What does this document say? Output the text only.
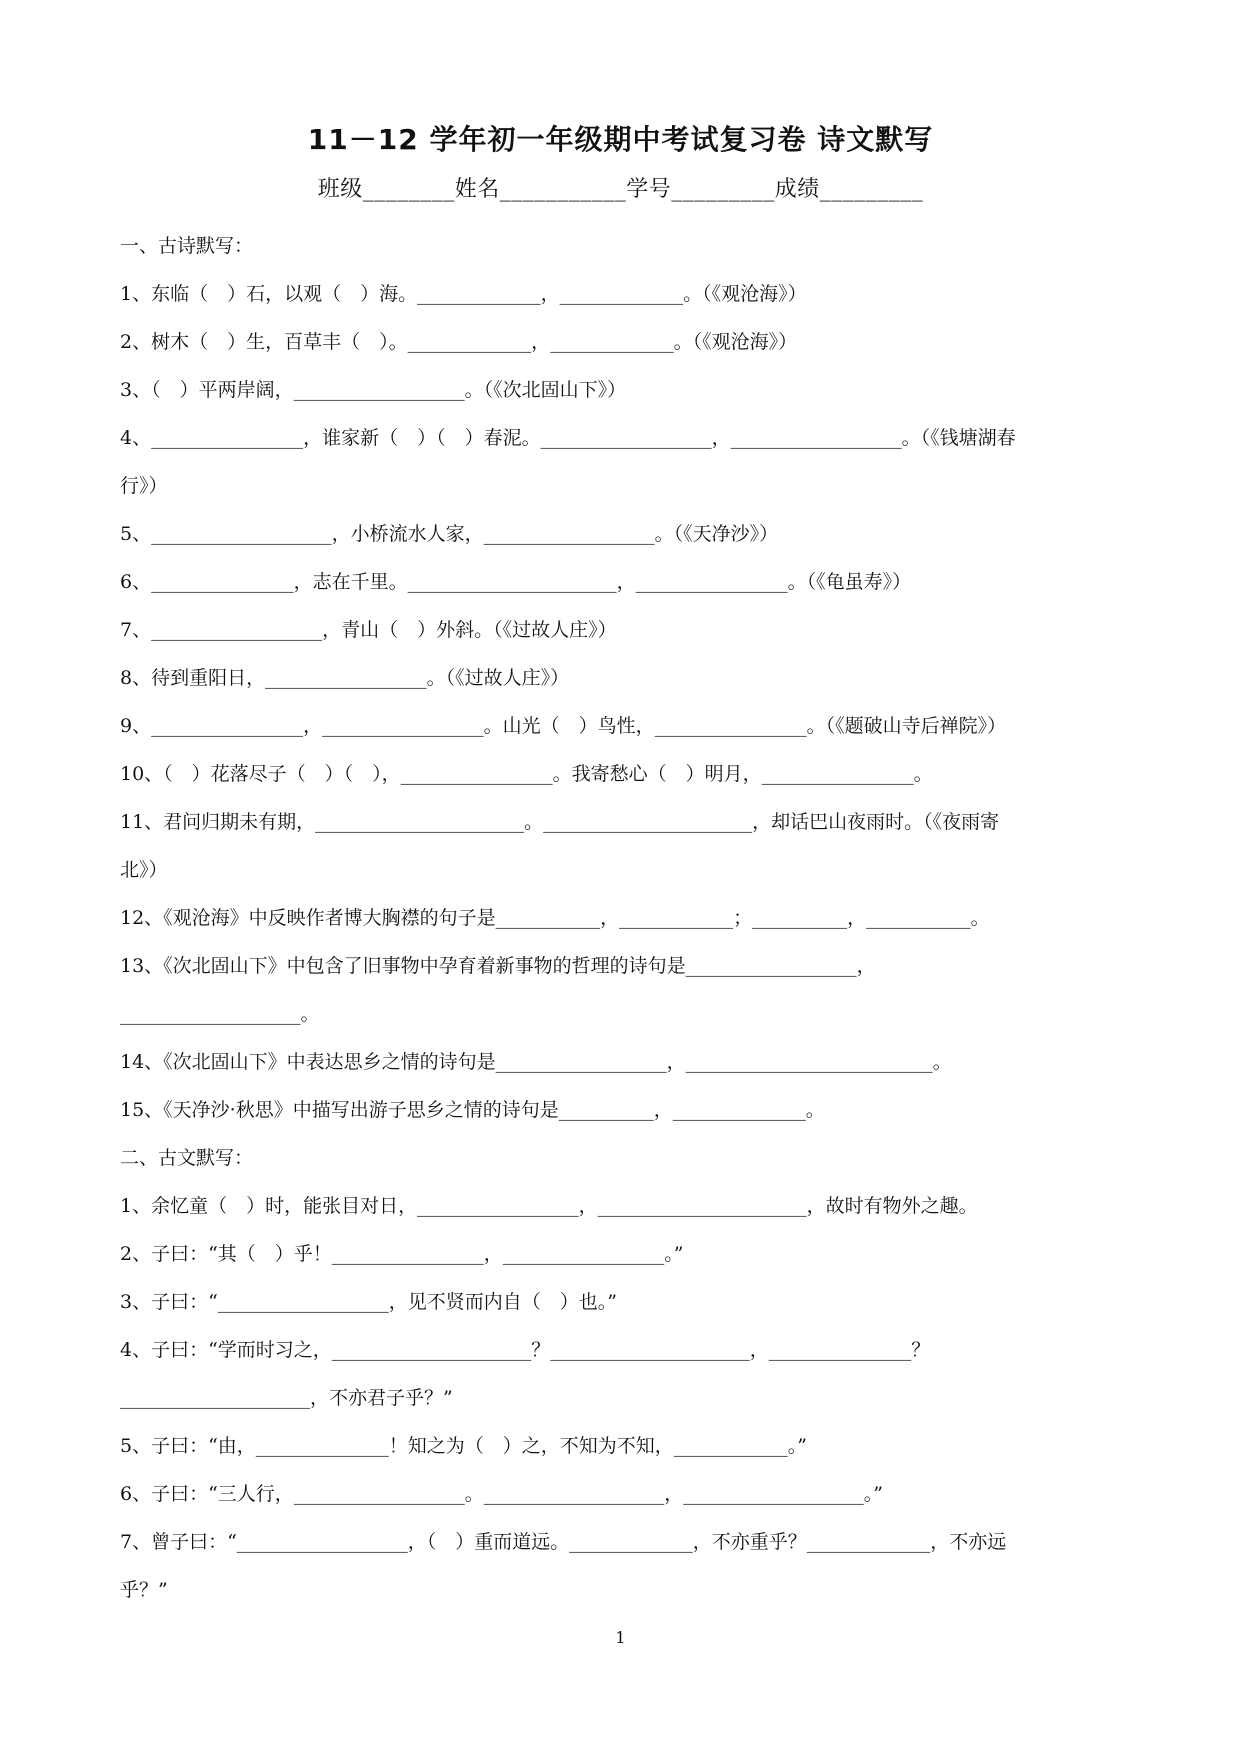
11－12 学年初一年级期中考试复习卷 诗文默写
班级________姓名___________学号_________成绩_________
一、古诗默写：
1、东临（　）石，以观（　）海。_____________，_____________。（《观沧海》）
2、树木（　）生，百草丰（　）。_____________，_____________。（《观沧海》）
3、（　）平两岸阔，__________________。（《次北固山下》）
4、________________，谁家新（　）（　）春泥。__________________，__________________。（《钱塘湖春
行》）
5、___________________，小桥流水人家，__________________。（《天净沙》）
6、_______________，志在千里。______________________，________________。（《龟虽寿》）
7、__________________，青山（　）外斜。（《过故人庄》）
8、待到重阳日，_________________。（《过故人庄》）
9、________________，_________________。山光（　）鸟性，________________。（《题破山寺后禅院》）
10、（　）花落尽子（　）（　），________________。我寄愁心（　）明月，________________。
11、君问归期未有期，______________________。______________________，却话巴山夜雨时。（《夜雨寄
北》）
12、《观沧海》中反映作者博大胸襟的句子是___________，____________；__________，___________。
13、《次北固山下》中包含了旧事物中孕育着新事物的哲理的诗句是__________________，
___________________。
14、《次北固山下》中表达思乡之情的诗句是__________________，__________________________。
15、《天净沙·秋思》中描写出游子思乡之情的诗句是__________，______________。
二、古文默写：
1、余忆童（　）时，能张目对日，_________________，______________________，故时有物外之趣。
2、子曰：“其（　）乎！________________，_________________。”
3、子曰：“__________________，见不贤而内自（　）也。”
4、子曰：“学而时习之，_____________________？_____________________，_______________？
____________________，不亦君子乎？”
5、子曰：“由，______________！知之为（　）之，不知为不知，____________。”
6、子曰：“三人行，__________________。___________________，___________________。”
7、曾子曰：“__________________，（　）重而道远。_____________，不亦重乎？_____________，不亦远
乎？”
1
